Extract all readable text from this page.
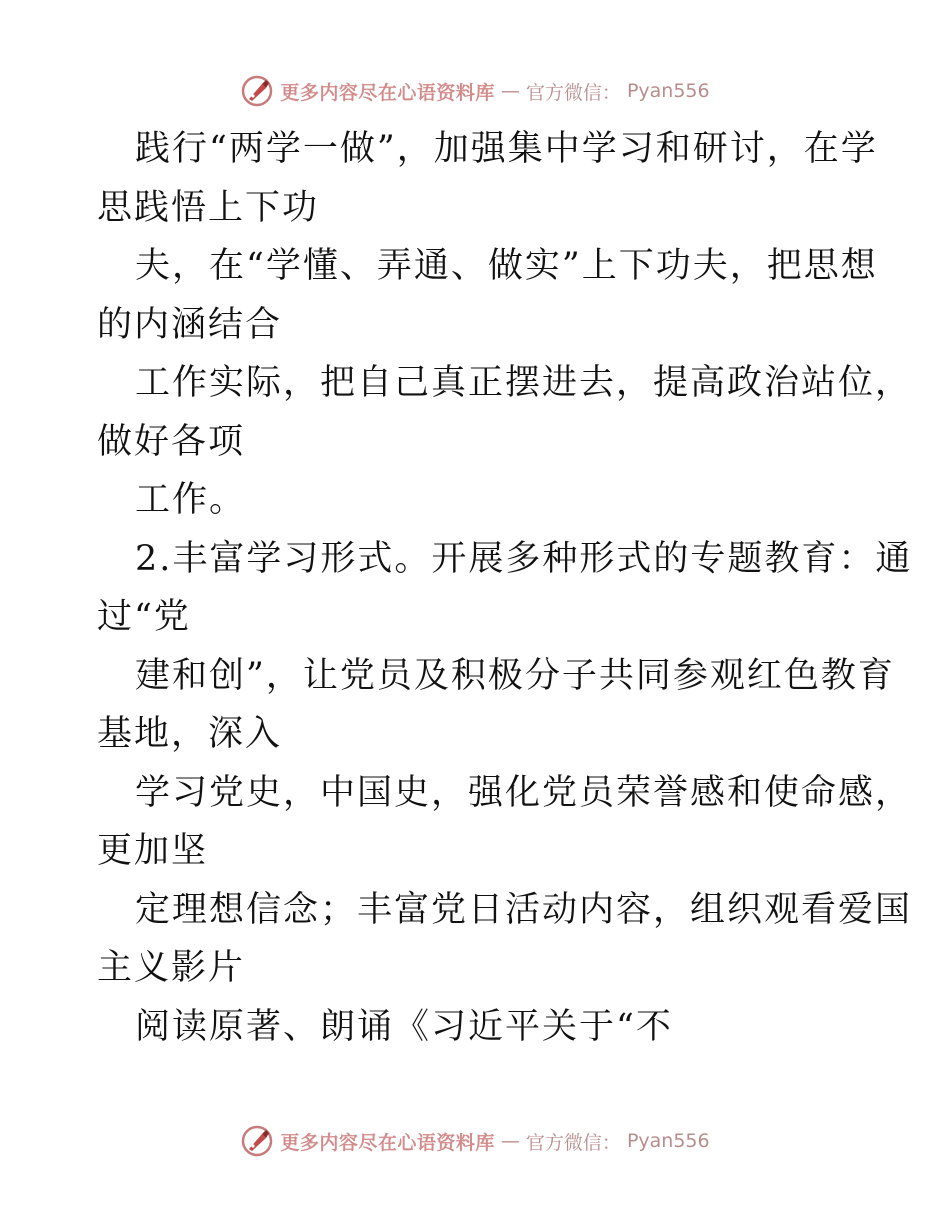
更多内容尽在心语资料库 — 官方微信： Pyan556
践行“两学一做”，加强集中学习和研讨，在学
思践悟上下功
夫，在“学懂、弄通、做实”上下功夫，把思想
的内涵结合
工作实际，把自己真正摆进去，提高政治站位，
做好各项
工作。
2.丰富学习形式。开展多种形式的专题教育：通
过“党
建和创”，让党员及积极分子共同参观红色教育
基地，深入
学习党史，中国史，强化党员荣誉感和使命感，
更加坚
定理想信念；丰富党日活动内容，组织观看爱国
主义影片
阅读原著、朗诵《习近平关于“不
更多内容尽在心语资料库 — 官方微信： Pyan556
